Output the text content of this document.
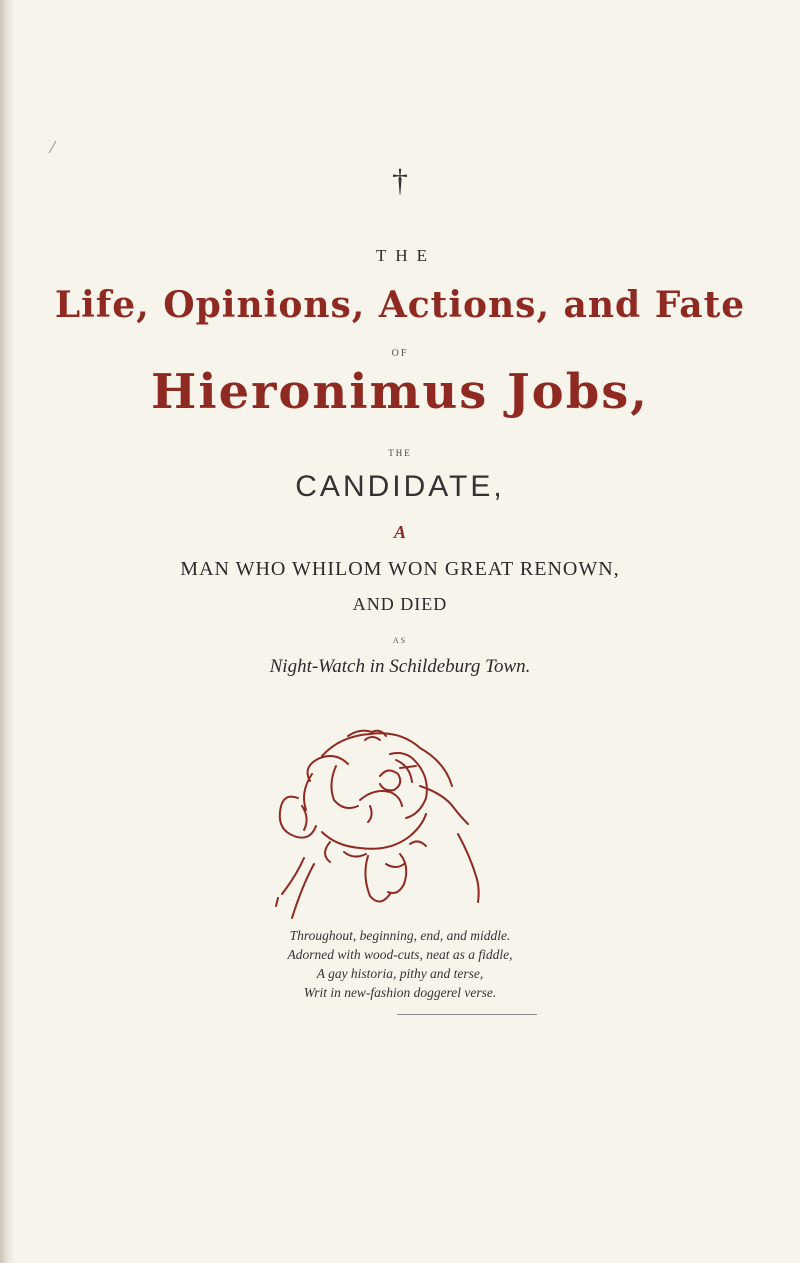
†
THE
Life, Opinions, Actions, and Fate
OF
Hieronimus Jobs,
THE
CANDIDATE,
A
MAN WHO WHILOM WON GREAT RENOWN,
AND DIED
AS
Night-Watch in Schildeburg Town.
Throughout, beginning, end, and middle.
Adorned with wood-cuts, neat as a fiddle,
A gay historia, pithy and terse,
Writ in new-fashion doggerel verse.
